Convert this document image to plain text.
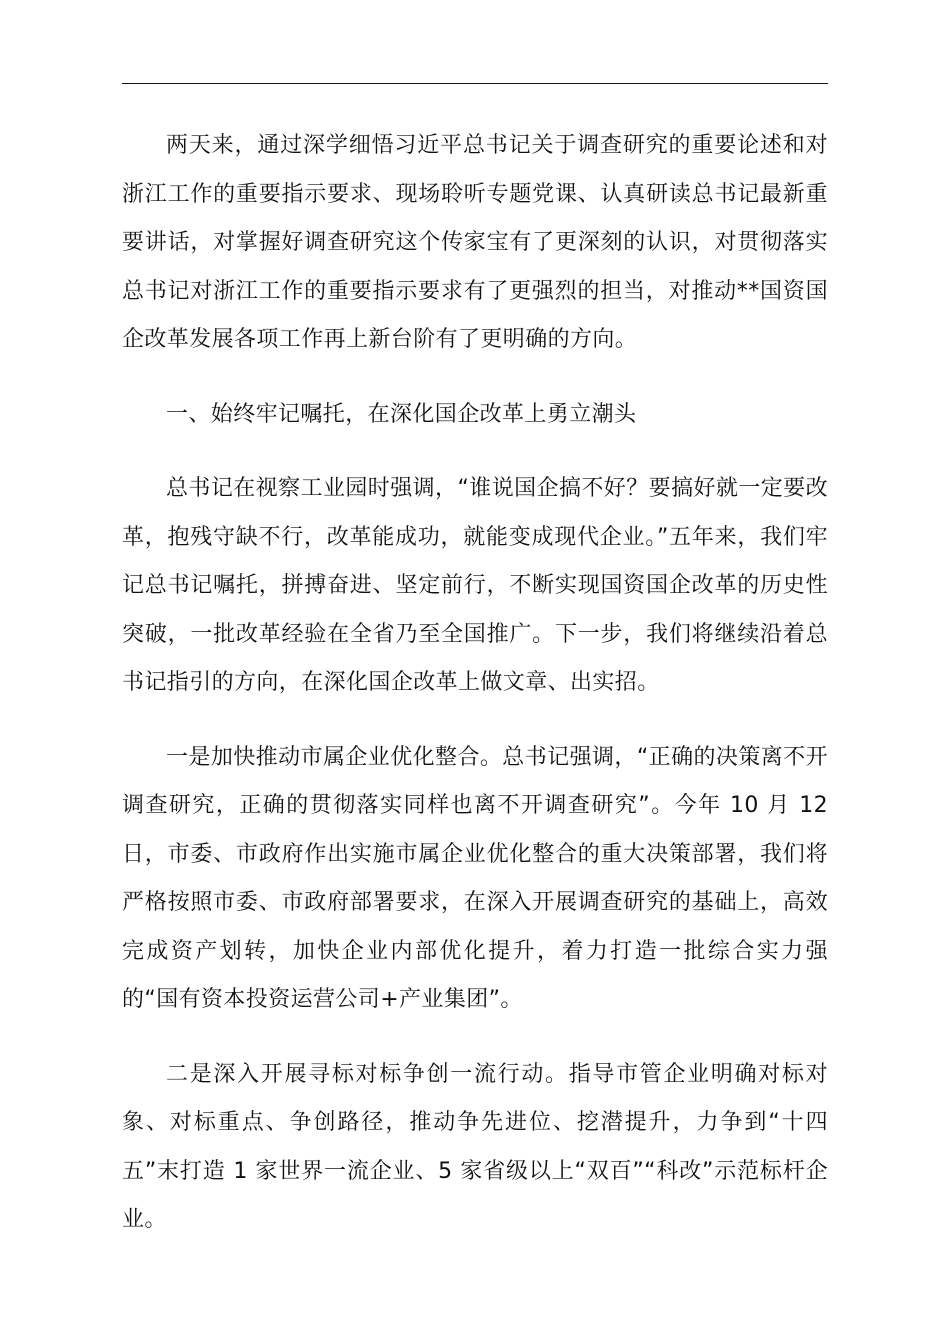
两天来，通过深学细悟习近平总书记关于调查研究的重要论述和对浙江工作的重要指示要求、现场聆听专题党课、认真研读总书记最新重要讲话，对掌握好调查研究这个传家宝有了更深刻的认识，对贯彻落实总书记对浙江工作的重要指示要求有了更强烈的担当，对推动**国资国企改革发展各项工作再上新台阶有了更明确的方向。

一、始终牢记嘱托，在深化国企改革上勇立潮头

总书记在视察工业园时强调，“谁说国企搞不好？要搞好就一定要改革，抱残守缺不行，改革能成功，就能变成现代企业。”五年来，我们牢记总书记嘱托，拼搏奋进、坚定前行，不断实现国资国企改革的历史性突破，一批改革经验在全省乃至全国推广。下一步，我们将继续沿着总书记指引的方向，在深化国企改革上做文章、出实招。

一是加快推动市属企业优化整合。总书记强调，“正确的决策离不开调查研究，正确的贯彻落实同样也离不开调查研究”。今年 10 月 12 日，市委、市政府作出实施市属企业优化整合的重大决策部署，我们将严格按照市委、市政府部署要求，在深入开展调查研究的基础上，高效完成资产划转，加快企业内部优化提升，着力打造一批综合实力强的“国有资本投资运营公司+产业集团”。

二是深入开展寻标对标争创一流行动。指导市管企业明确对标对象、对标重点、争创路径，推动争先进位、挖潜提升，力争到“十四五”末打造 1 家世界一流企业、5 家省级以上“双百”“科改”示范标杆企业。
